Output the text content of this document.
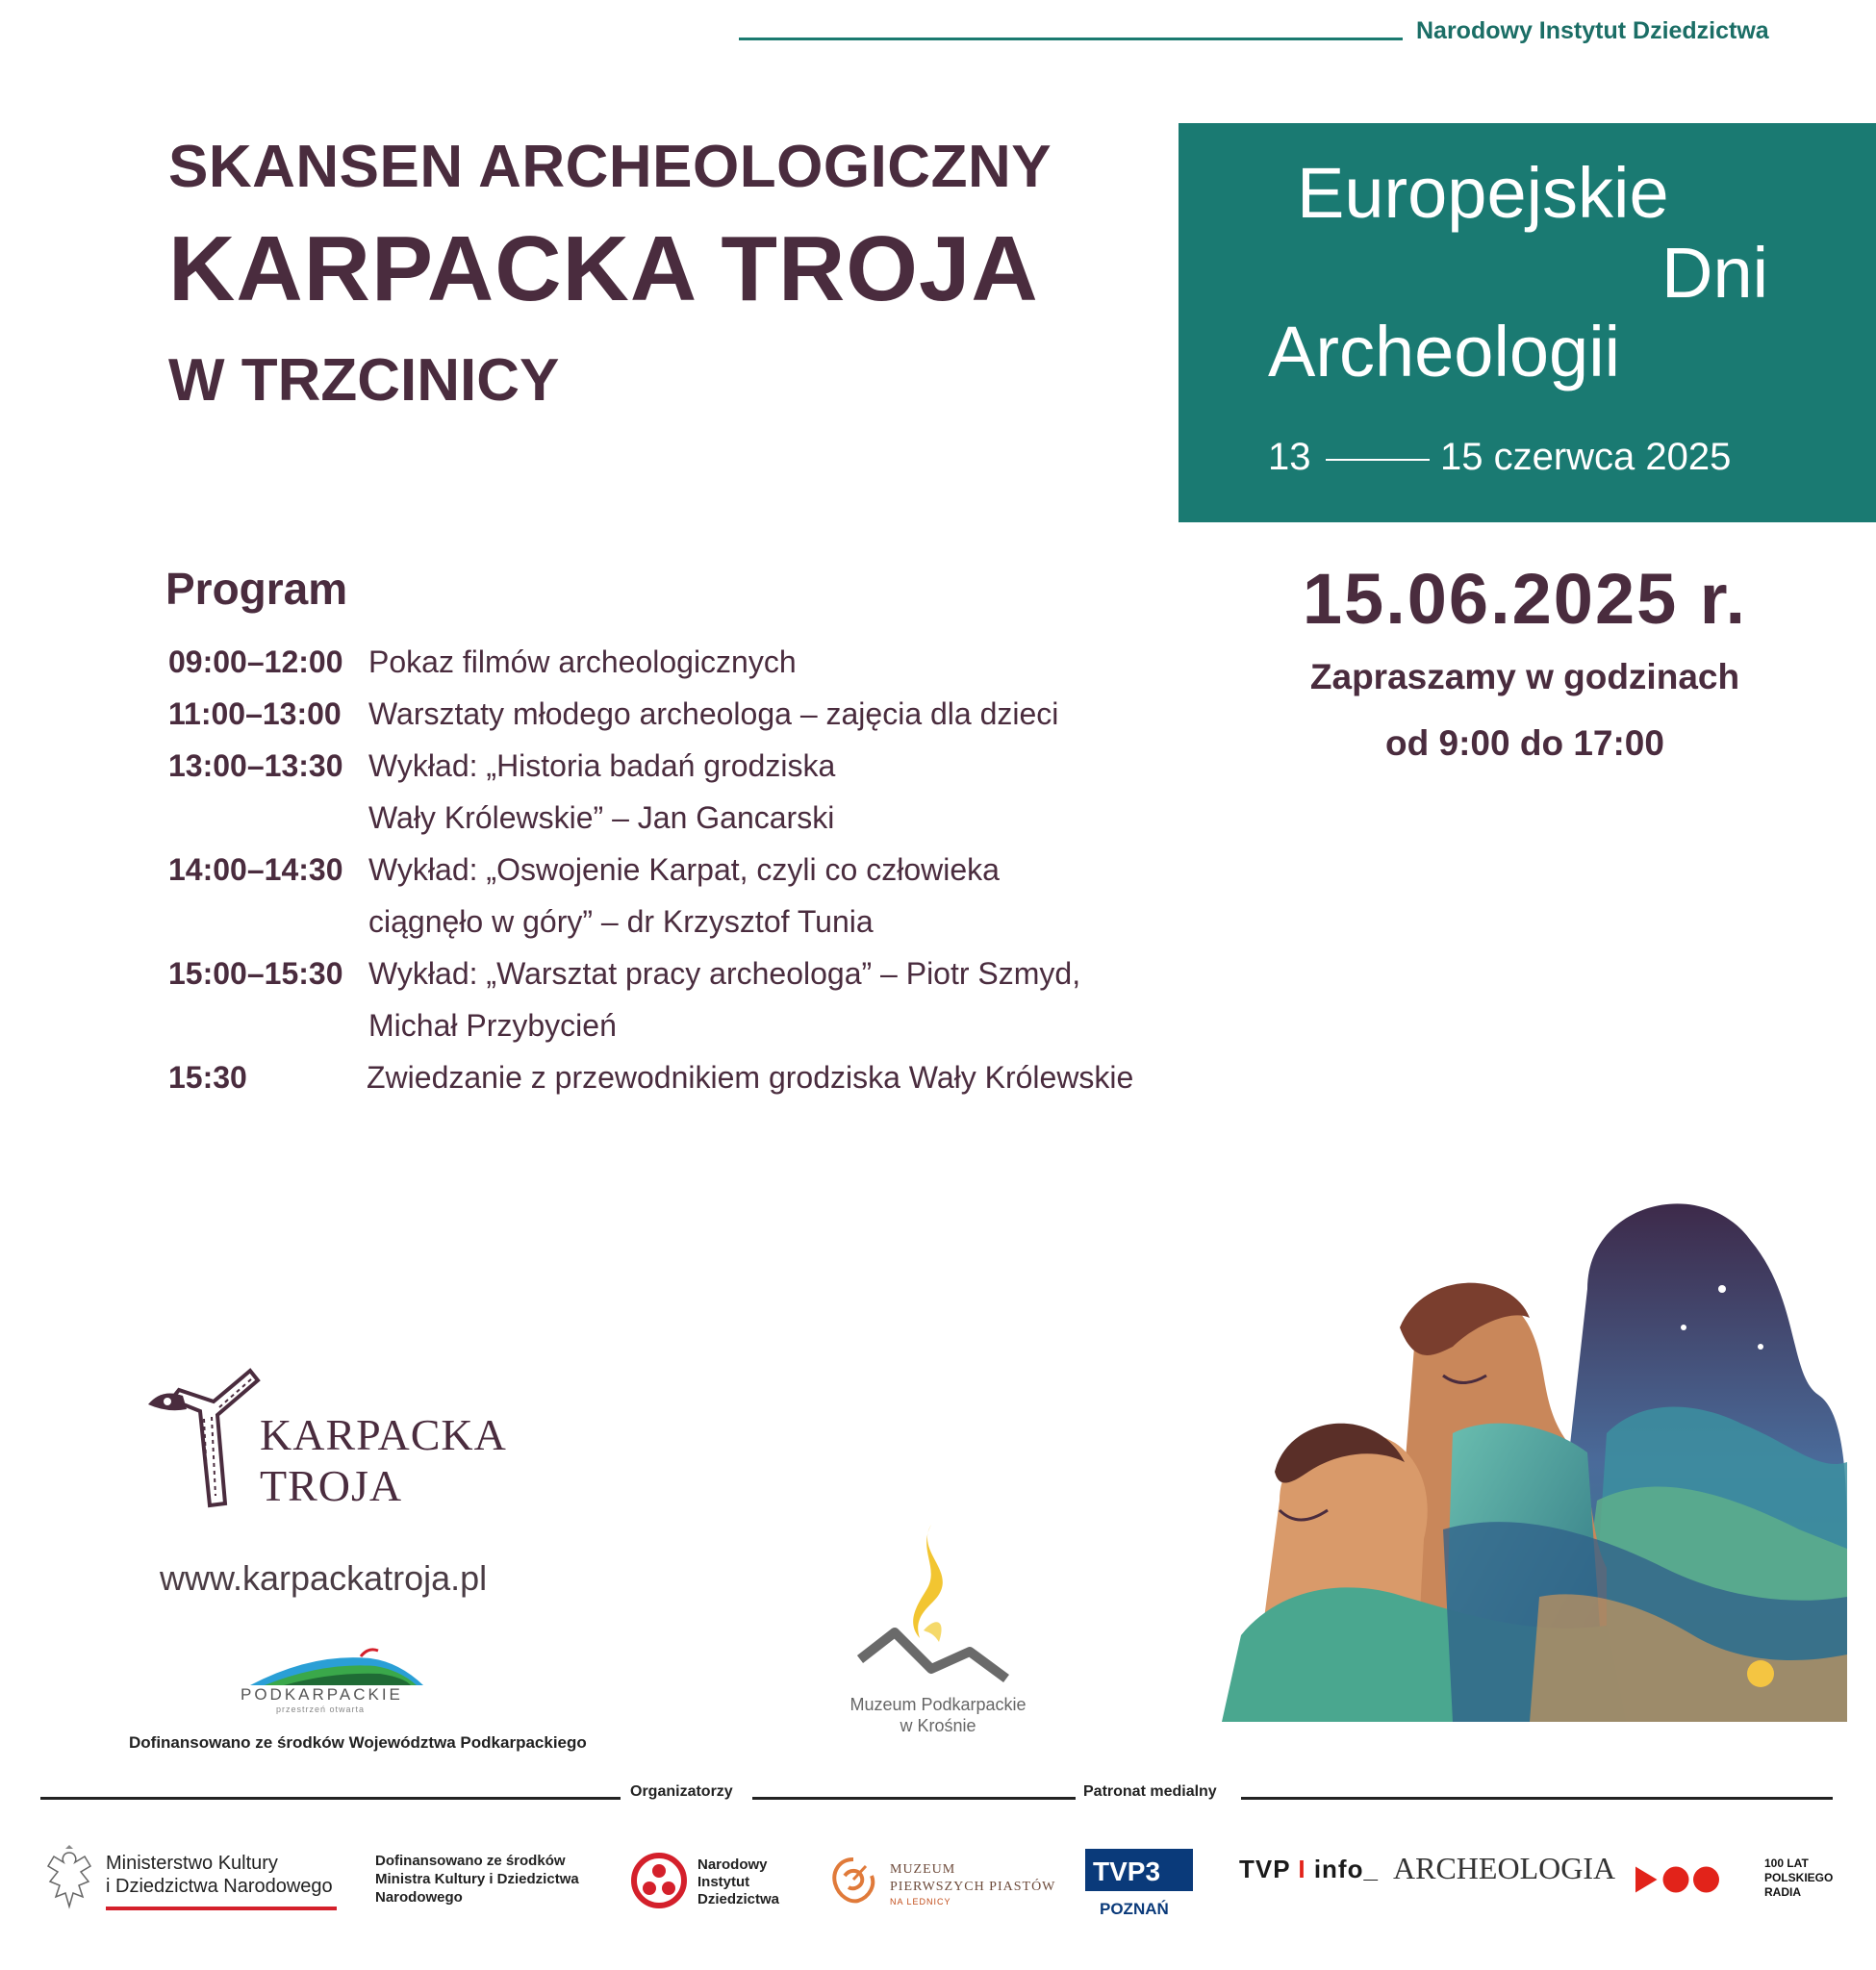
Narodowy Instytut Dziedzictwa
SKANSEN ARCHEOLOGICZNY
KARPACKA TROJA
W TRZCINICY
Europejskie
Dni
Archeologii
13	15 czerwca 2025
15.06.2025 r.
Zapraszamy w godzinach
od 9:00 do 17:00
Program
09:00–12:00 Pokaz filmów archeologicznych
11:00–13:00 Warsztaty młodego archeologa – zajęcia dla dzieci
13:00–13:30 Wykład: „Historia badań grodziska
Wały Królewskie” – Jan Gancarski
14:00–14:30 Wykład: „Oswojenie Karpat, czyli co człowieka
ciągnęło w góry” – dr Krzysztof Tunia
15:00–15:30 Wykład: „Warsztat pracy archeologa” – Piotr Szmyd,
Michał Przybycień
15:30	Zwiedzanie z przewodnikiem grodziska Wały Królewskie
KARPACKA
TROJA
www.karpackatroja.pl
PODKARPACKIE
przestrzeń otwarta
Dofinansowano ze środków Województwa Podkarpackiego
Muzeum Podkarpackie
w Krośnie
Organizatorzy	Patronat medialny
Ministerstwo Kultury
i Dziedzictwa Narodowego
Dofinansowano ze środków
Ministra Kultury i Dziedzictwa
Narodowego
Narodowy
Instytut
Dziedzictwa
MUZEUM
PIERWSZYCH PIASTÓW
NA LEDNICY
TVP3
POZNAŃ
TVP I info_ ARCHEOLOGIA	100 LAT
POLSKIEGO
RADIA
